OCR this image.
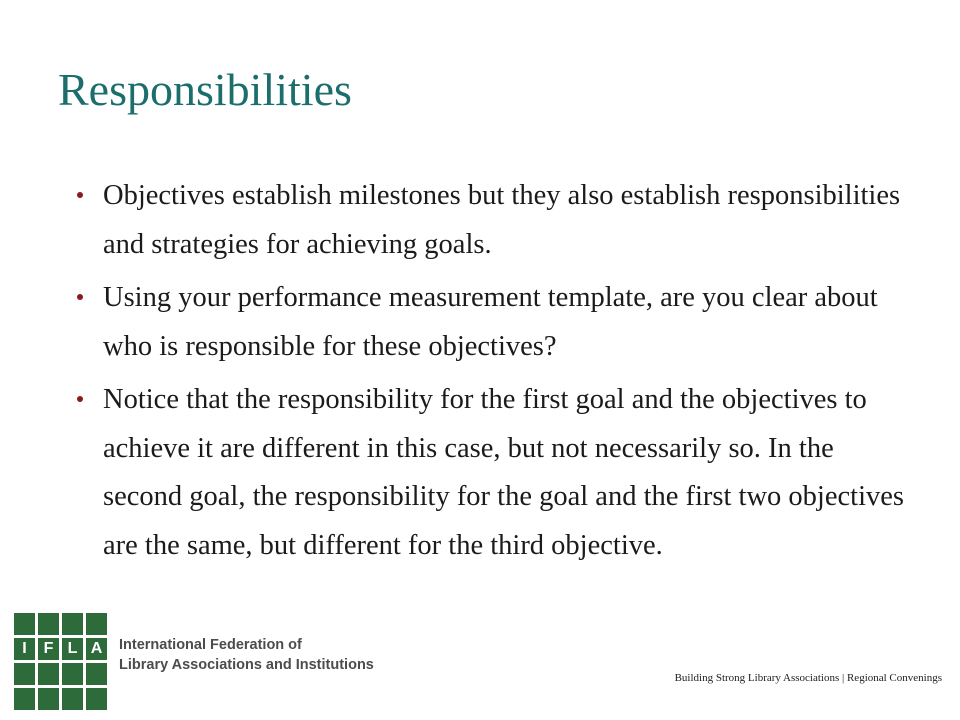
Responsibilities
Objectives establish milestones but they also establish responsibilities and strategies for achieving goals.
Using your performance measurement template, are you clear about who is responsible for these objectives?
Notice that the responsibility for the first goal and the objectives to achieve it are different in this case, but not necessarily so. In the second goal, the responsibility for the goal and the first two objectives are the same, but different for the third objective.
I	F L A	International Federation of
Library Associations and Institutions
Building Strong Library Associations | Regional Convenings
